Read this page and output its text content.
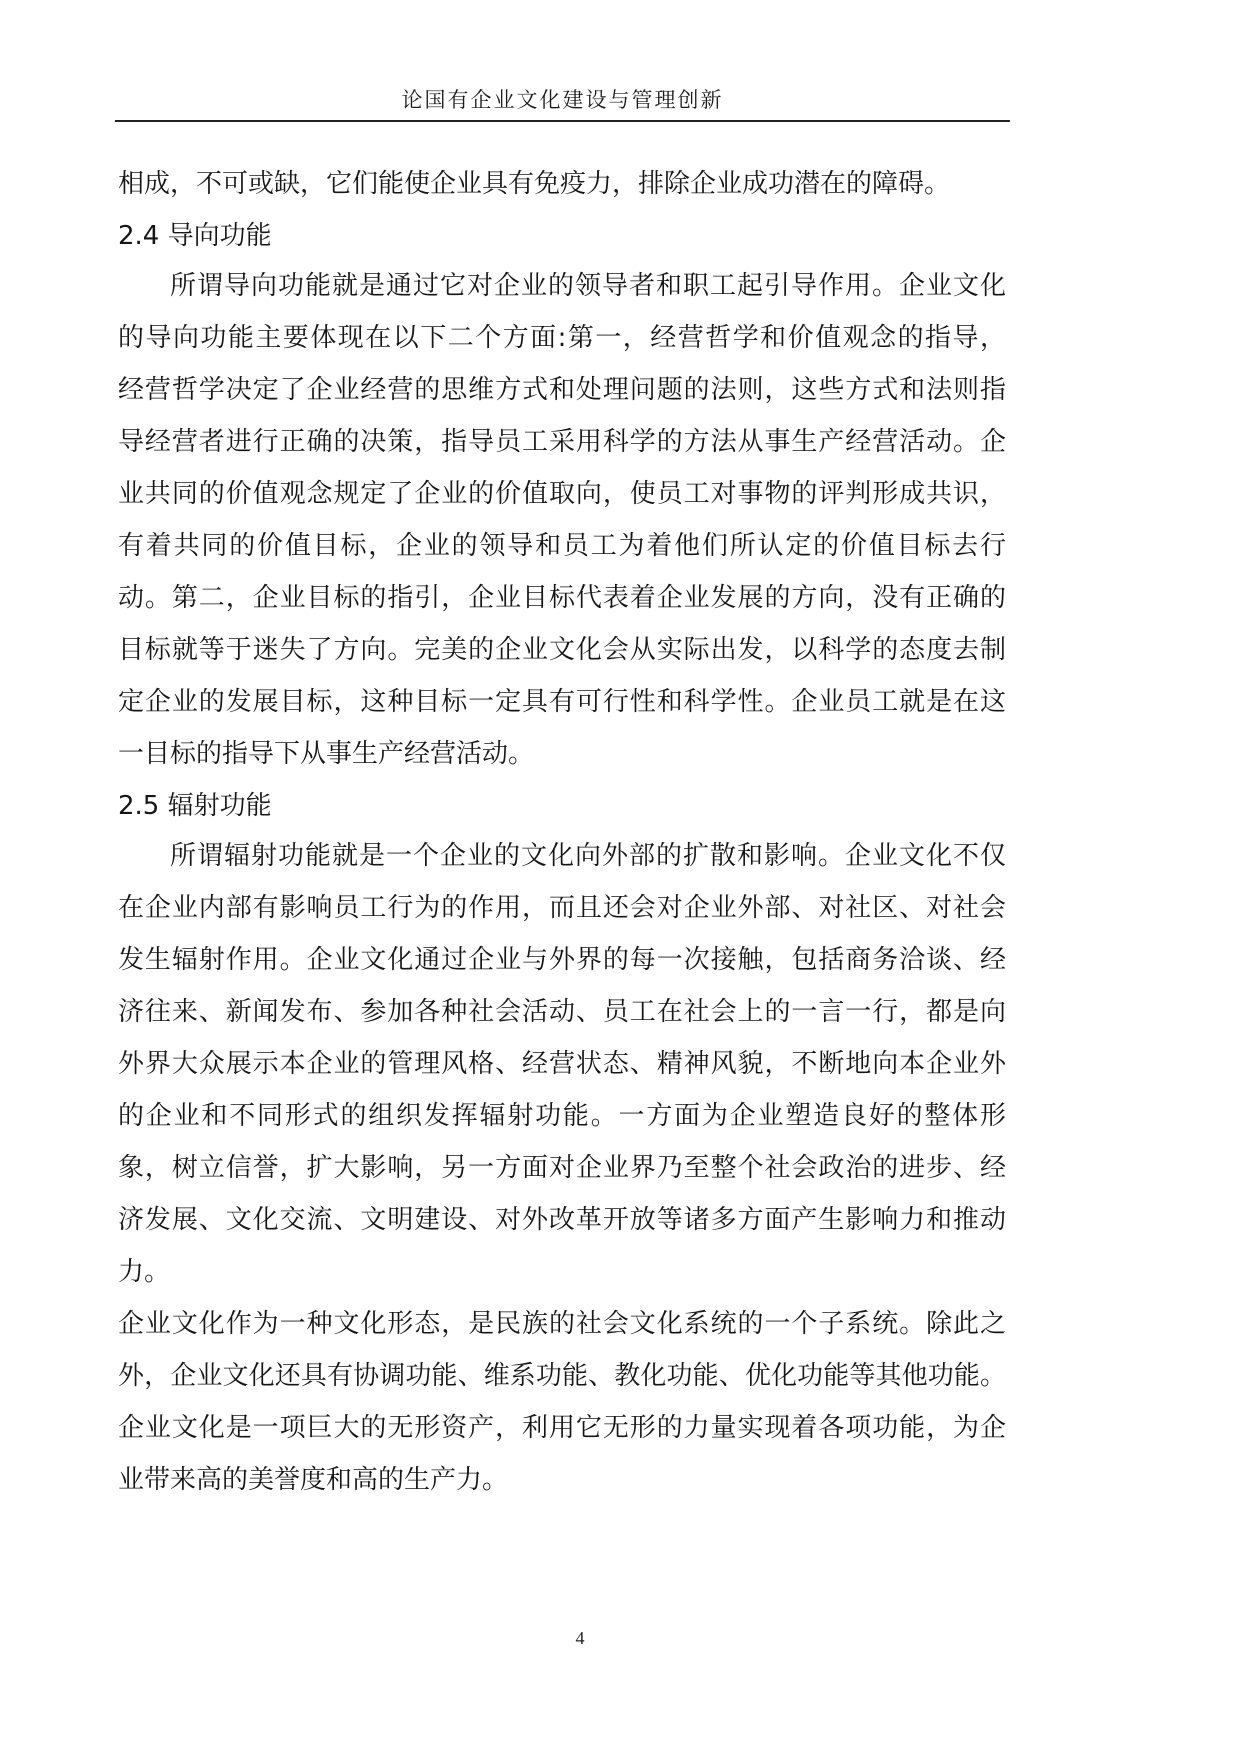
论国有企业文化建设与管理创新
相成，不可或缺，它们能使企业具有免疫力，排除企业成功潜在的障碍。
2.4 导向功能
所谓导向功能就是通过它对企业的领导者和职工起引导作用。企业文化
的导向功能主要体现在以下二个方面:第一，经营哲学和价值观念的指导，
经营哲学决定了企业经营的思维方式和处理问题的法则，这些方式和法则指
导经营者进行正确的决策，指导员工采用科学的方法从事生产经营活动。企
业共同的价值观念规定了企业的价值取向，使员工对事物的评判形成共识，
有着共同的价值目标，企业的领导和员工为着他们所认定的价值目标去行
动。第二，企业目标的指引，企业目标代表着企业发展的方向，没有正确的
目标就等于迷失了方向。完美的企业文化会从实际出发，以科学的态度去制
定企业的发展目标，这种目标一定具有可行性和科学性。企业员工就是在这
一目标的指导下从事生产经营活动。
2.5 辐射功能
所谓辐射功能就是一个企业的文化向外部的扩散和影响。企业文化不仅
在企业内部有影响员工行为的作用，而且还会对企业外部、对社区、对社会
发生辐射作用。企业文化通过企业与外界的每一次接触，包括商务洽谈、经
济往来、新闻发布、参加各种社会活动、员工在社会上的一言一行，都是向
外界大众展示本企业的管理风格、经营状态、精神风貌，不断地向本企业外
的企业和不同形式的组织发挥辐射功能。一方面为企业塑造良好的整体形
象，树立信誉，扩大影响，另一方面对企业界乃至整个社会政治的进步、经
济发展、文化交流、文明建设、对外改革开放等诸多方面产生影响力和推动
力。
企业文化作为一种文化形态，是民族的社会文化系统的一个子系统。除此之
外，企业文化还具有协调功能、维系功能、教化功能、优化功能等其他功能。
企业文化是一项巨大的无形资产，利用它无形的力量实现着各项功能，为企
业带来高的美誉度和高的生产力。
4
